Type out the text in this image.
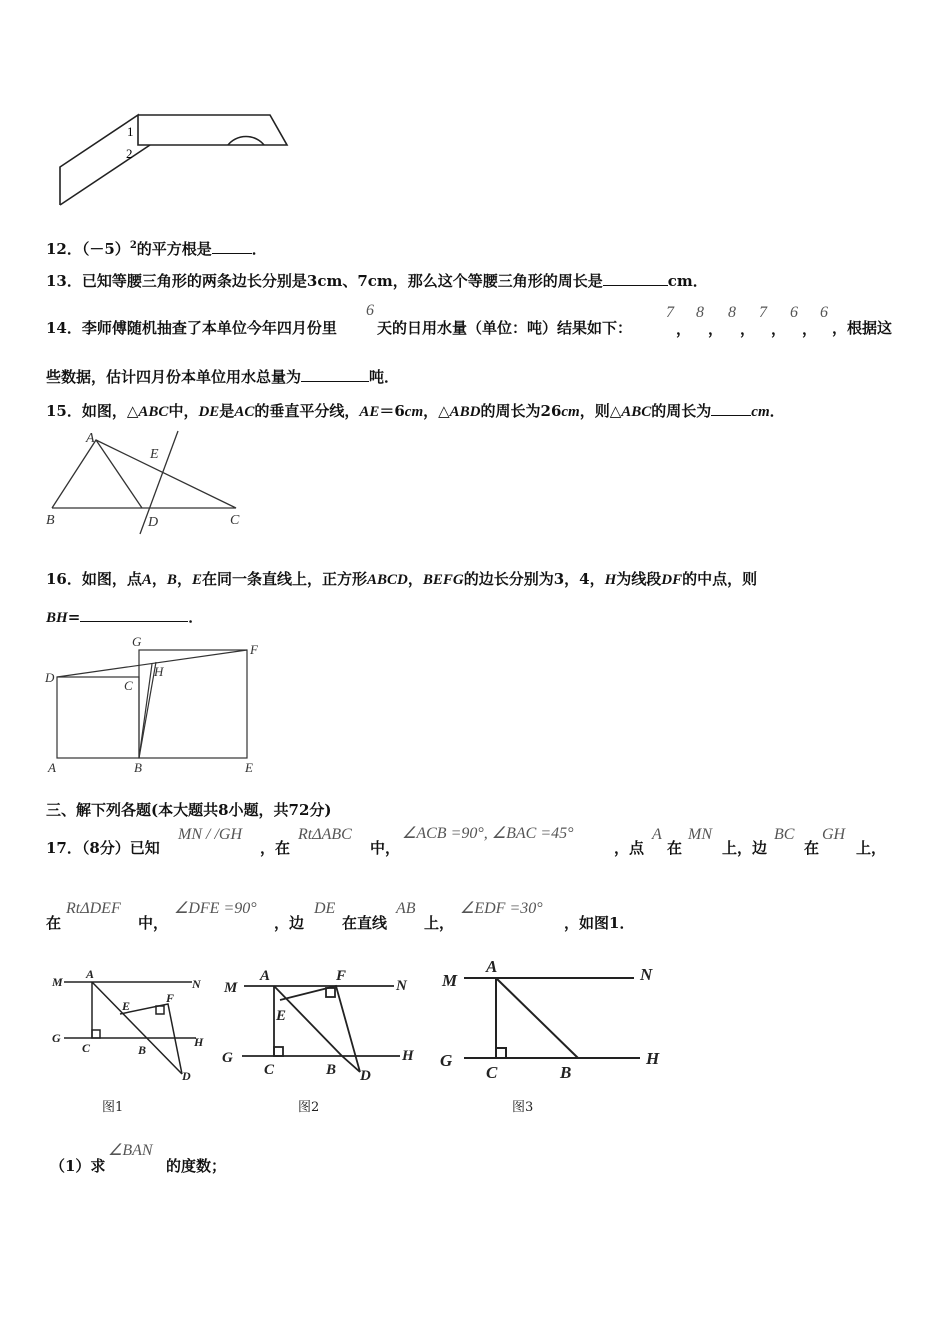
1
2
12．$(-5)^2$的平方根是	．
13．已知等腰三角形的两条边长分别是3cm、7cm，那么这个等腰三角形的周长是	cm．
14．李师傅随机抽查了本单位今年四月份里
6
天的日用水量（单位：吨）结果如下：
7
，
8
，
8
，
7
，
6
，
6
，根据这
些数据，估计四月份本单位用水总量为	吨．
15．如图，△ABC中，DE是AC的垂直平分线，AE＝6cm，△ABD的周长为26cm，则△ABC的周长为	cm．
A
E
B	D	C
16．如图，点A，B，E在同一条直线上，正方形ABCD，BEFG的边长分别为3，4，H为线段DF的中点，则
BH=	．
G
F
D	H
C
A	B	E
三、解下列各题(本大题共8小题，共72分)
17．（8分）已知
MN / /GH
，在
RtΔABC
中，
∠ACB =90°, ∠BAC =45°
，点
A
在
MN
上，边
BC
在
GH
上，
在
RtΔDEF
中，
∠DFE =90°
，边
DE
在直线
AB
上，
∠EDF =30°
，如图1．
M
A
N
G
C	B
H
E
F
D
图1
M
A	F
N
E
G
C	B D
H
图2
M
A	N
G
C	B
H
图3
（1）求
∠BAN
的度数；
